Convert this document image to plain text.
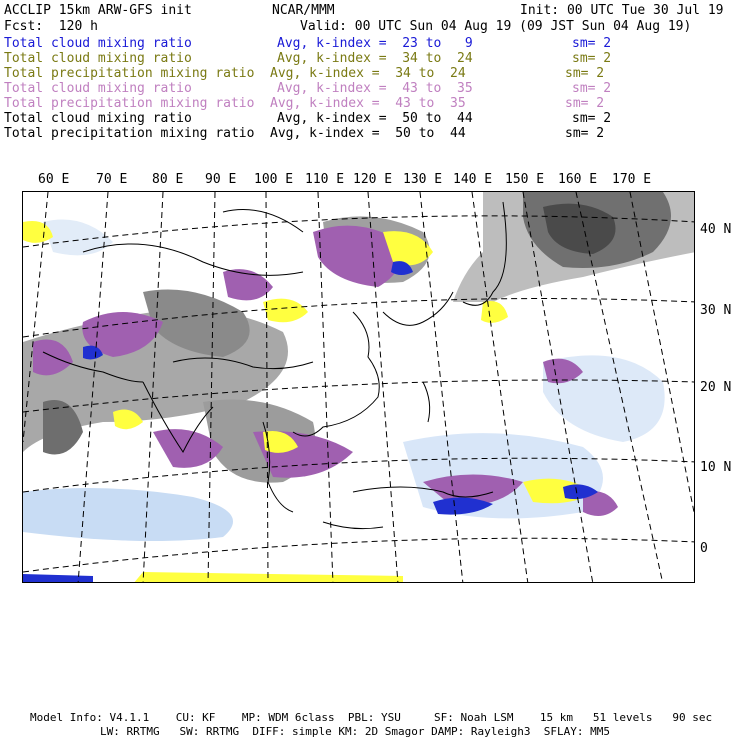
ACCLIP 15km ARW-GFS init	NCAR/MMM	Init: 00 UTC Tue 30 Jul 19
Fcst:  120 h	Valid: 00 UTC Sun 04 Aug 19 (09 JST Sun 04 Aug 19)
Total cloud mixing ratio	Avg, k-index =  23 to   9	sm= 2
Total cloud mixing ratio	Avg, k-index =  34 to  24	sm= 2
Total precipitation mixing ratio Avg, k-index =  34 to  24	sm= 2
Total cloud mixing ratio	Avg, k-index =  43 to  35	sm= 2
Total precipitation mixing ratio Avg, k-index =  43 to  35	sm= 2
Total cloud mixing ratio	Avg, k-index =  50 to  44	sm= 2
Total precipitation mixing ratio Avg, k-index =  50 to  44	sm= 2
60 E 70 E 80 E 90 E 100 E 110 E 120 E 130 E 140 E 150 E 160 E 170 E
40 N
30 N
20 N
10 N
0
Model Info: V4.1.1    CU: KF    MP: WDM 6class  PBL: YSU     SF: Noah LSM    15 km   51 levels   90 sec
LW: RRTMG   SW: RRTMG  DIFF: simple KM: 2D Smagor DAMP: Rayleigh3  SFLAY: MM5
